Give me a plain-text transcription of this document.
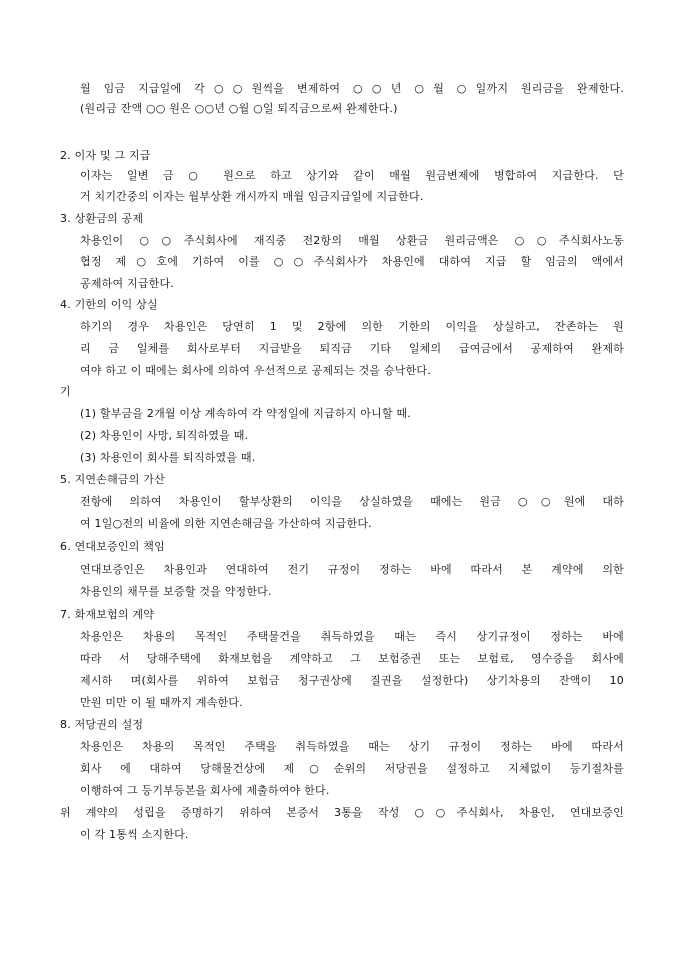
월 임금 지급일에 각○○원씩을 변제하여 ○○년 ○월 ○일까지 원리금을 완제한다.
(원리금 잔액 ○○ 원은 ○○년 ○월 ○일 퇴직금으로써 완제한다.)
2. 이자 및 그 지급
이자는 일변 금 ○ 원으로 하고 상기와 같이 매월 원금변제에 병합하여 지급한다. 단
거 치기간중의 이자는 월부상환 개시까지 매월 임금지급일에 지급한다.
3. 상환금의 공제
차용인이 ○○주식회사에 재직중 전2항의 매월 상환금 원리금액은 ○○주식회사노동
협정 제○호에 기하여 이를 ○○주식회사가 차용인에 대하여 지급 할 임금의 액에서
공제하여 지급한다.
4. 기한의 이익 상실
하기의 경우 차용인은 당연히 1 및 2항에 의한 기한의 이익을 상실하고, 잔존하는 원
리 금 일체를 회사로부터 지급받을 퇴직금 기타 일체의 급여금에서 공제하여 완제하
여야 하고 이 때에는 회사에 의하여 우선적으로 공제되는 것을 승낙한다.
기
(1) 할부금을 2개월 이상 계속하여 각 약정일에 지급하지 아니할 때.
(2) 차용인이 사망, 퇴직하였을 때.
(3) 차용인이 회사를 퇴직하였을 때.
5. 지연손해금의 가산
전항에 의하여 차용인이 할부상환의 이익을 상실하였을 때에는 원금 ○○원에 대하
여 1일○전의 비율에 의한 지연손해금을 가산하여 지급한다.
6. 연대보증인의 책임
연대보증인은 차용인과 연대하여 전기 규정이 정하는 바에 따라서 본 계약에 의한
차용인의 채무를 보증할 것을 약정한다.
7. 화재보험의 계약
차용인은 차용의 목적인 주택물건을 취득하였을 때는 즉시 상기규정이 정하는 바에
따라 서 당해주택에 화재보험을 계약하고 그 보험증권 또는 보험료, 영수증을 회사에
제시하 며(회사를 위하여 보험금 청구권상에 질권을 설정한다) 상기차용의 잔액이 10
만원 미만 이 될 때까지 계속한다.
8. 저당권의 설정
차용인은 차용의 목적인 주택을 취득하였을 때는 상기 규정이 정하는 바에 따라서
회사 에 대하여 당해물건상에 제○순위의 저당권을 설정하고 지체없이 등기절차를
이행하여 그 등기부등본을 회사에 제출하여야 한다.
위 계약의 성립을 증명하기 위하여 본증서 3통을 작성 ○○주식회사, 차용인, 연대보증인
이 각 1통씩 소지한다.
